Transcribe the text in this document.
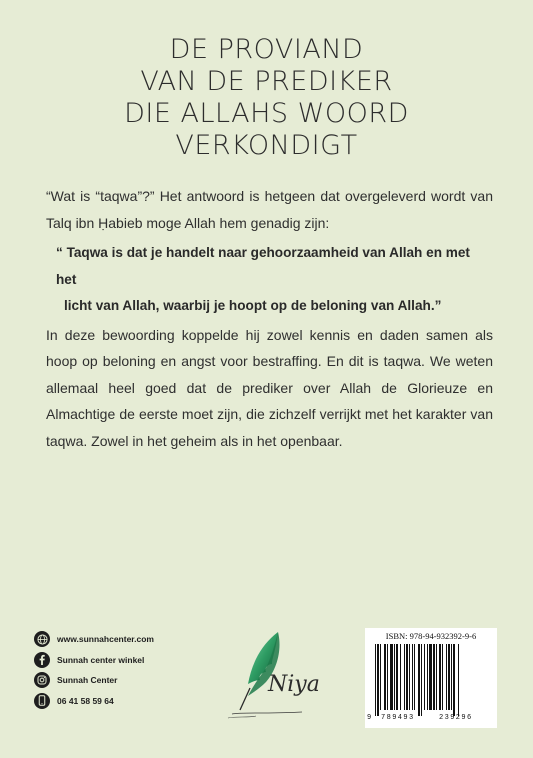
DE PROVIAND
VAN DE PREDIKER
DIE ALLAHS WOORD
VERKONDIGT

“Wat is “taqwa”?” Het antwoord is hetgeen dat overgeleverd wordt van Talq ibn Ḥabieb moge Allah hem genadig zijn:

“ Taqwa is dat je handelt naar gehoorzaamheid van Allah en met het
licht van Allah, waarbij je hoopt op de beloning van Allah.”

In deze bewoording koppelde hij zowel kennis en daden samen als hoop op beloning en angst voor bestraffing. En dit is taqwa. We weten allemaal heel goed dat de prediker over Allah de Glorieuze en Almachtige de eerste moet zijn, die zichzelf verrijkt met het karakter van taqwa. Zowel in het geheim als in het openbaar.

www.sunnahcenter.com
Sunnah center winkel
Sunnah Center
06 41 58 59 64
Niya
ISBN: 978-94-932392-9-6
9 789493	239296
